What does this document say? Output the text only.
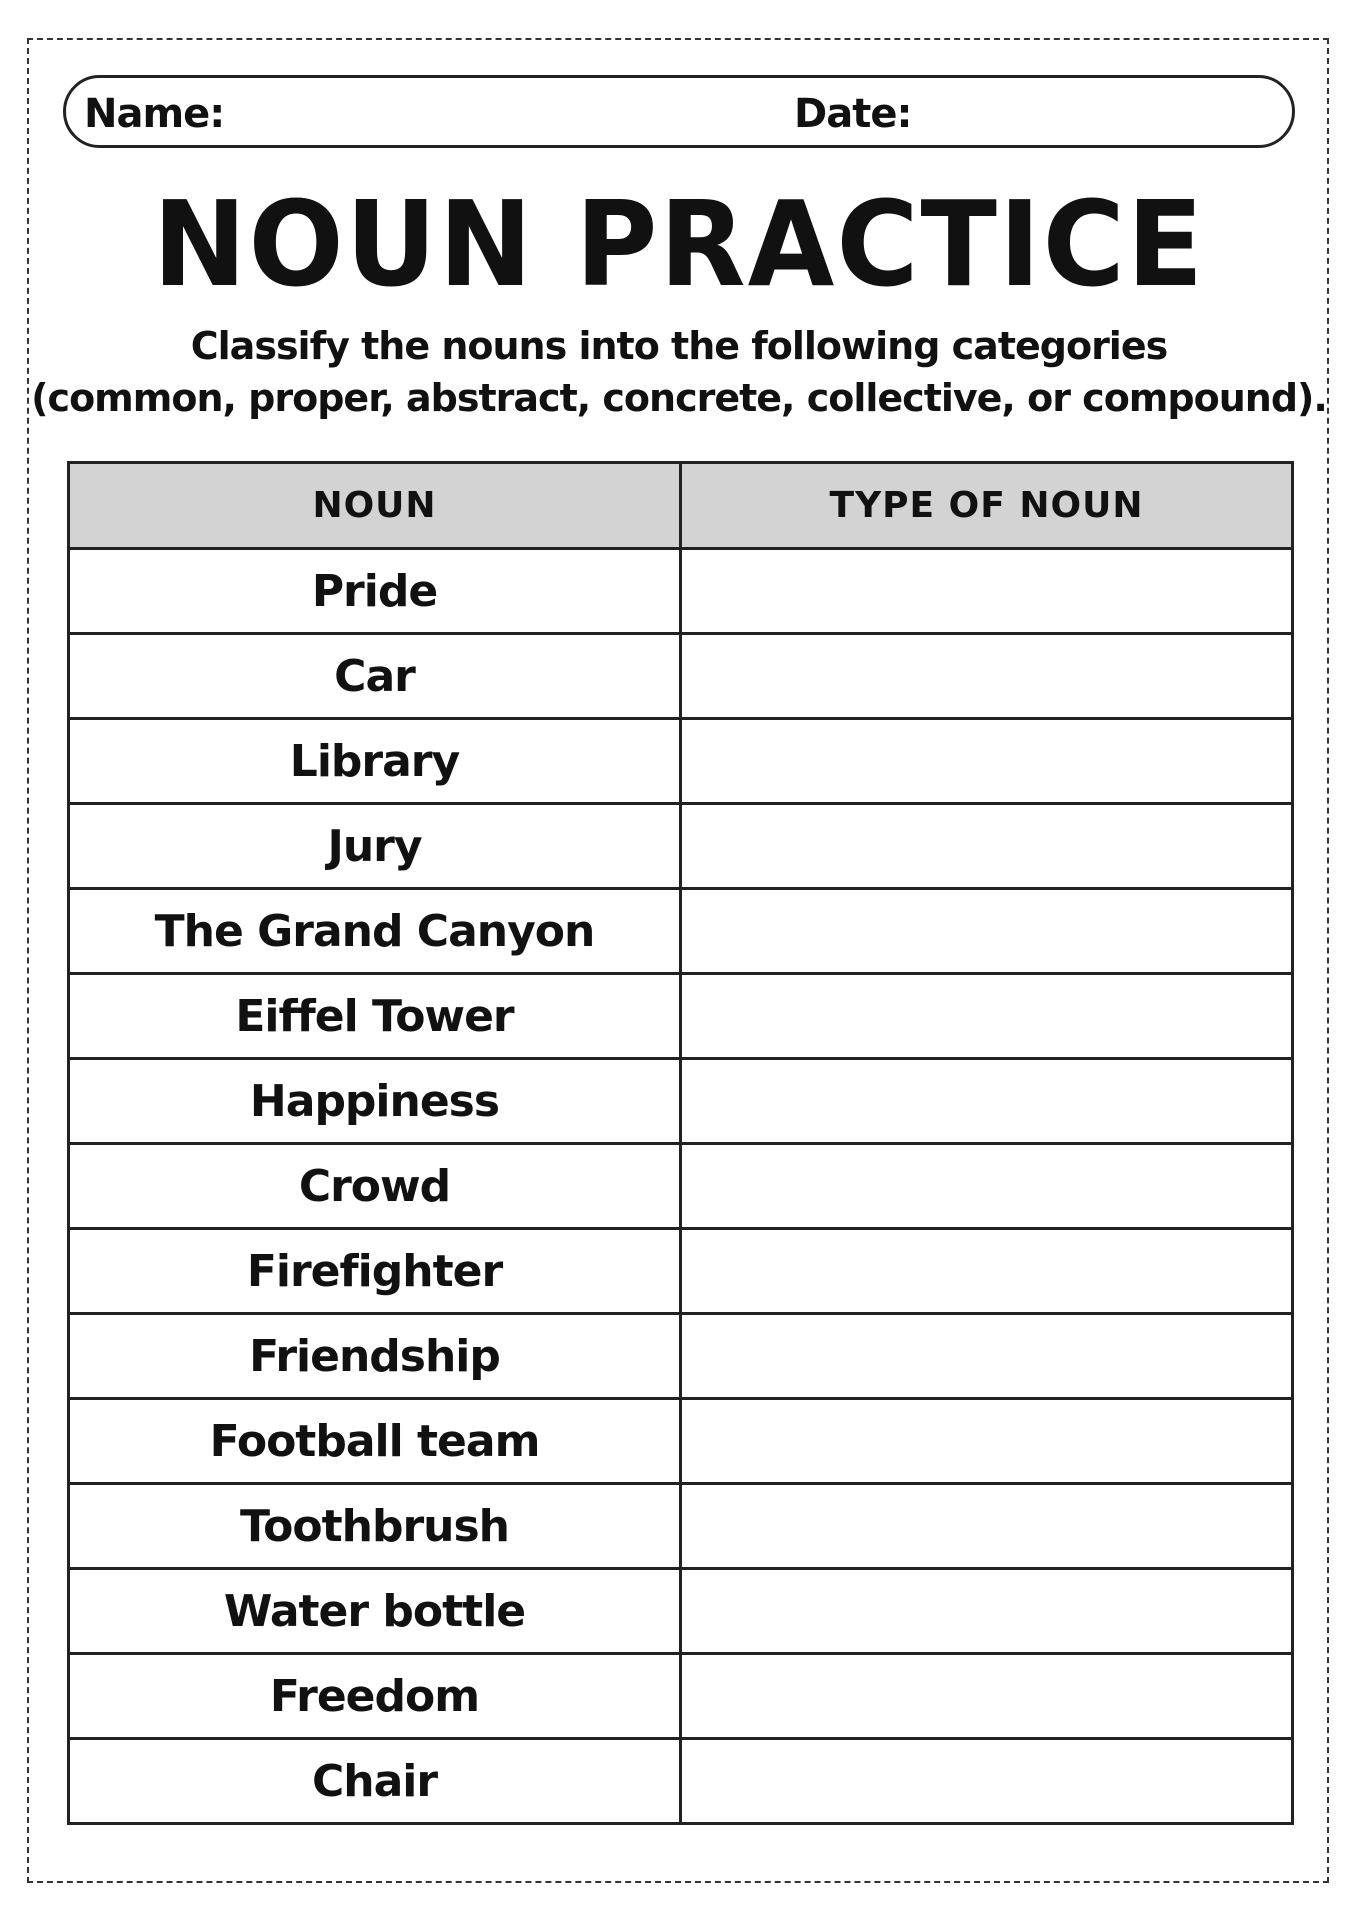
Name:	Date:
NOUN PRACTICE
Classify the nouns into the following categories
(common, proper, abstract, concrete, collective, or compound).
NOUN	TYPE OF NOUN
Pride	
Car	
Library	
Jury	
The Grand Canyon	
Eiffel Tower	
Happiness	
Crowd	
Firefighter	
Friendship	
Football team	
Toothbrush	
Water bottle	
Freedom	
Chair	
